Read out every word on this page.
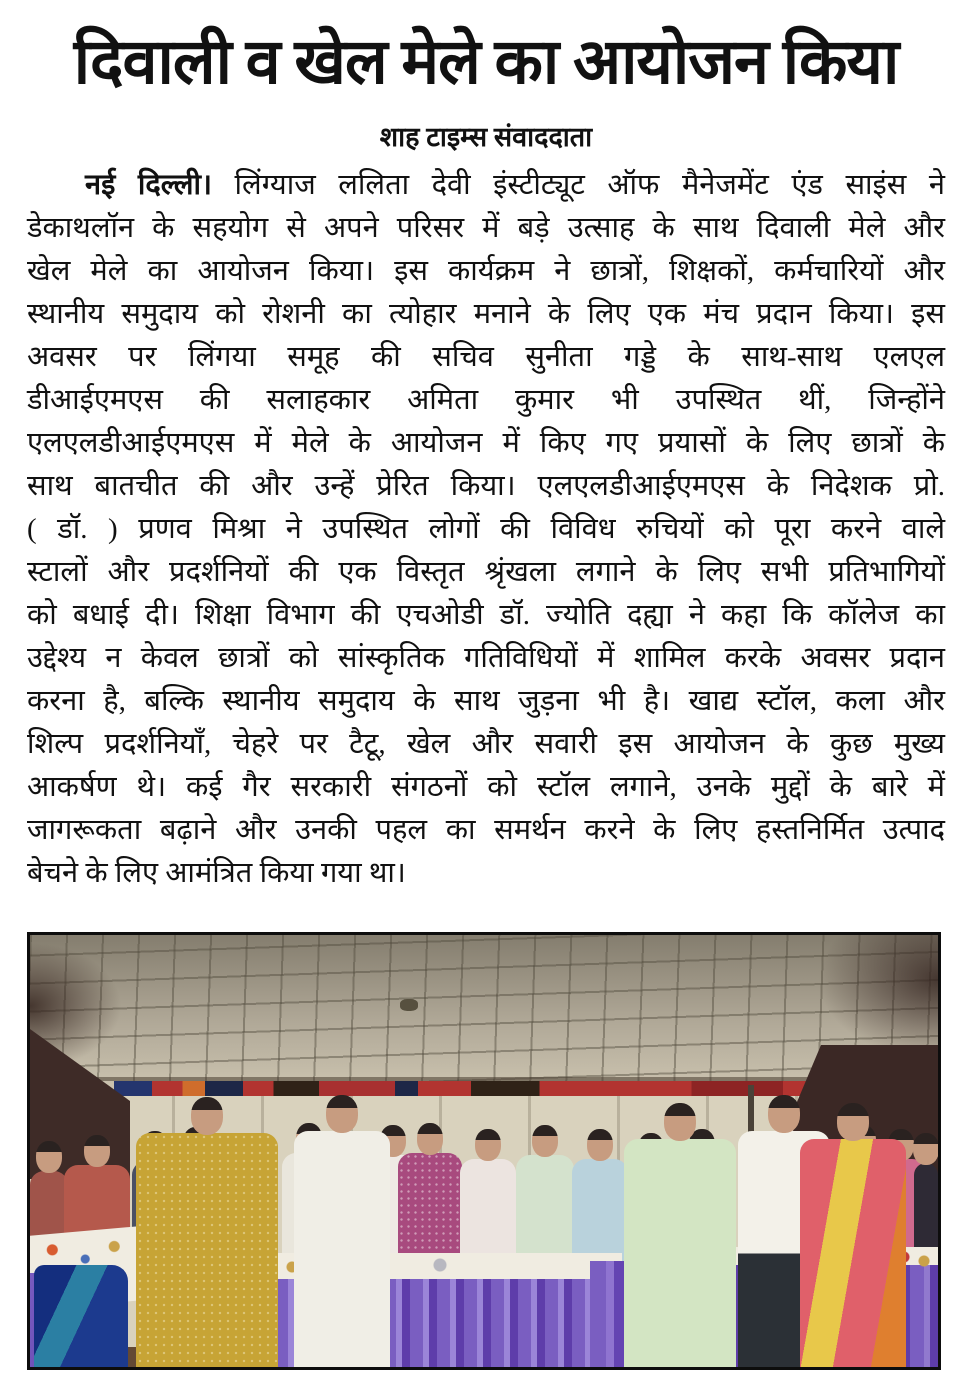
दिवाली व खेल मेले का आयोजन किया
शाह टाइम्स संवाददाता
नई दिल्ली। लिंग्याज ललिता देवी इंस्टीट्यूट ऑफ मैनेजमेंट एंड साइंस ने
डेकाथलॉन के सहयोग से अपने परिसर में बड़े उत्साह के साथ दिवाली मेले और
खेल मेले का आयोजन किया। इस कार्यक्रम ने छात्रों, शिक्षकों, कर्मचारियों और
स्थानीय समुदाय को रोशनी का त्योहार मनाने के लिए एक मंच प्रदान किया। इस
अवसर पर लिंगया समूह की सचिव सुनीता गड्डे के साथ-साथ एलएल
डीआईएमएस की सलाहकार अमिता कुमार भी उपस्थित थीं, जिन्होंने
एलएलडीआईएमएस में मेले के आयोजन में किए गए प्रयासों के लिए छात्रों के
साथ बातचीत की और उन्हें प्रेरित किया। एलएलडीआईएमएस के निदेशक प्रो.
( डॉ. ) प्रणव मिश्रा ने उपस्थित लोगों की विविध रुचियों को पूरा करने वाले
स्टालों और प्रदर्शनियों की एक विस्तृत श्रृंखला लगाने के लिए सभी प्रतिभागियों
को बधाई दी। शिक्षा विभाग की एचओडी डॉ. ज्योति दह्या ने कहा कि कॉलेज का
उद्देश्य न केवल छात्रों को सांस्कृतिक गतिविधियों में शामिल करके अवसर प्रदान
करना है, बल्कि स्थानीय समुदाय के साथ जुड़ना भी है। खाद्य स्टॉल, कला और
शिल्प प्रदर्शनियाँ, चेहरे पर टैटू, खेल और सवारी इस आयोजन के कुछ मुख्य
आकर्षण थे। कई गैर सरकारी संगठनों को स्टॉल लगाने, उनके मुद्दों के बारे में
जागरूकता बढ़ाने और उनकी पहल का समर्थन करने के लिए हस्तनिर्मित उत्पाद
बेचने के लिए आमंत्रित किया गया था।
